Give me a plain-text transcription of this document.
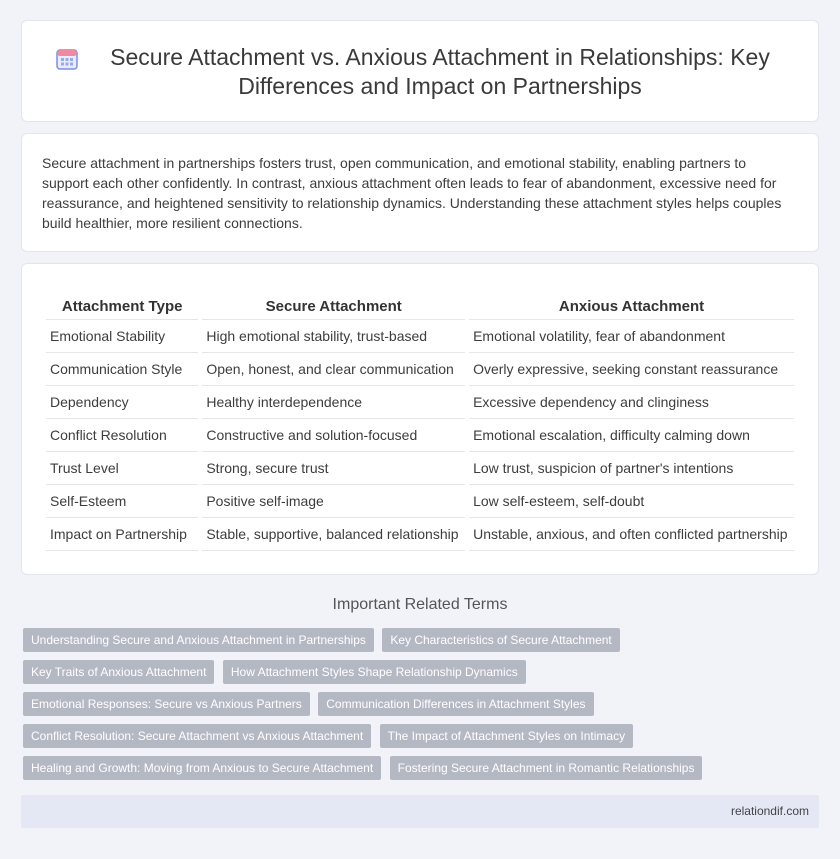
Secure Attachment vs. Anxious Attachment in Relationships: Key Differences and Impact on Partnerships

Secure attachment in partnerships fosters trust, open communication, and emotional stability, enabling partners to support each other confidently. In contrast, anxious attachment often leads to fear of abandonment, excessive need for reassurance, and heightened sensitivity to relationship dynamics. Understanding these attachment styles helps couples build healthier, more resilient connections.

Attachment Type	Secure Attachment	Anxious Attachment
Emotional Stability	High emotional stability, trust-based	Emotional volatility, fear of abandonment
Communication Style	Open, honest, and clear communication	Overly expressive, seeking constant reassurance
Dependency	Healthy interdependence	Excessive dependency and clinginess
Conflict Resolution	Constructive and solution-focused	Emotional escalation, difficulty calming down
Trust Level	Strong, secure trust	Low trust, suspicion of partner's intentions
Self-Esteem	Positive self-image	Low self-esteem, self-doubt
Impact on Partnership	Stable, supportive, balanced relationship	Unstable, anxious, and often conflicted partnership
Important Related Terms
Understanding Secure and Anxious Attachment in Partnerships Key Characteristics of Secure Attachment Key Traits of Anxious Attachment How Attachment Styles Shape Relationship Dynamics Emotional Responses: Secure vs Anxious Partners Communication Differences in Attachment Styles Conflict Resolution: Secure Attachment vs Anxious Attachment The Impact of Attachment Styles on Intimacy Healing and Growth: Moving from Anxious to Secure Attachment Fostering Secure Attachment in Romantic Relationships
relationdif.com
